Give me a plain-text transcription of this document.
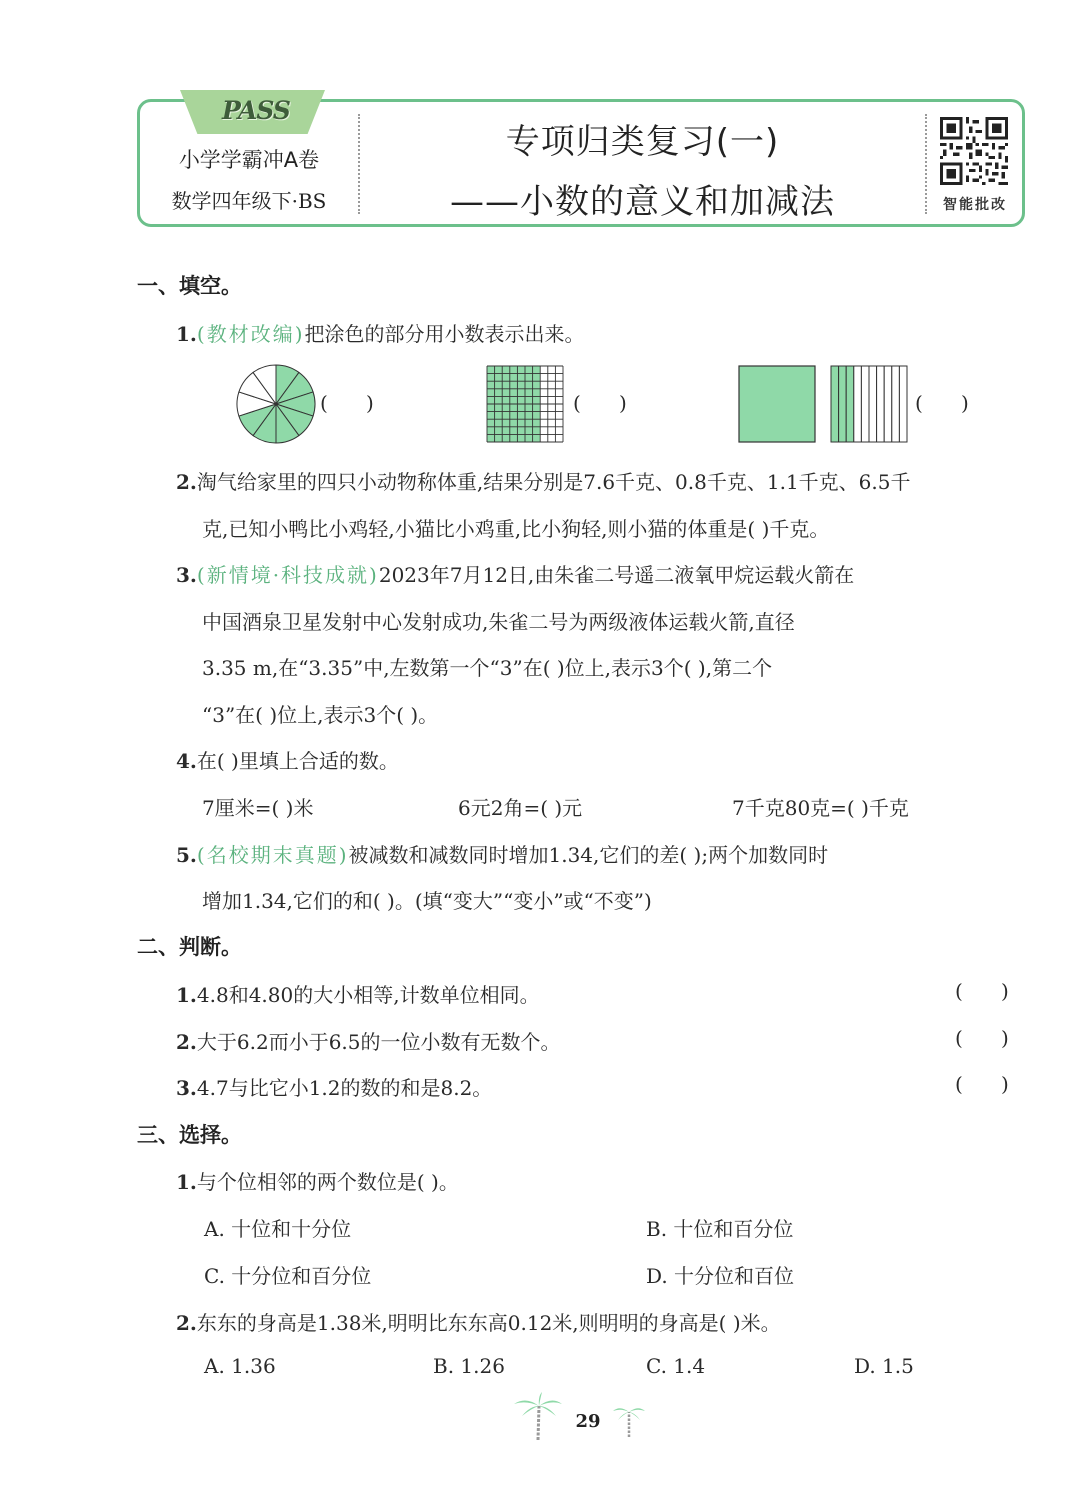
PASS
小学学霸冲A卷
数学四年级下·BS
专项归类复习(一)
——小数的意义和加减法	智能批改
一、填空。
1.(教材改编)把涂色的部分用小数表示出来。
(      )	(      )	(      )
2.淘气给家里的四只小动物称体重,结果分别是7.6千克、0.8千克、1.1千克、6.5千
克,已知小鸭比小鸡轻,小猫比小鸡重,比小狗轻,则小猫的体重是( )千克。
3.(新情境·科技成就)2023年7月12日,由朱雀二号遥二液氧甲烷运载火箭在
中国酒泉卫星发射中心发射成功,朱雀二号为两级液体运载火箭,直径
3.35 m,在“3.35”中,左数第一个“3”在( )位上,表示3个( ),第二个
“3”在( )位上,表示3个( )。
4.在( )里填上合适的数。
7厘米=( )米	6元2角=( )元	7千克80克=( )千克
5.(名校期末真题)被减数和减数同时增加1.34,它们的差( );两个加数同时
增加1.34,它们的和( )。(填“变大”“变小”或“不变”)
二、判断。
1.4.8和4.80的大小相等,计数单位相同。	(      )
2.大于6.2而小于6.5的一位小数有无数个。	(      )
3.4.7与比它小1.2的数的和是8.2。	(      )
三、选择。
1.与个位相邻的两个数位是( )。
A. 十位和十分位	B. 十位和百分位
C. 十分位和百分位	D. 十分位和百位
2.东东的身高是1.38米,明明比东东高0.12米,则明明的身高是( )米。
A. 1.36	B. 1.26	C. 1.4	D. 1.5
29
